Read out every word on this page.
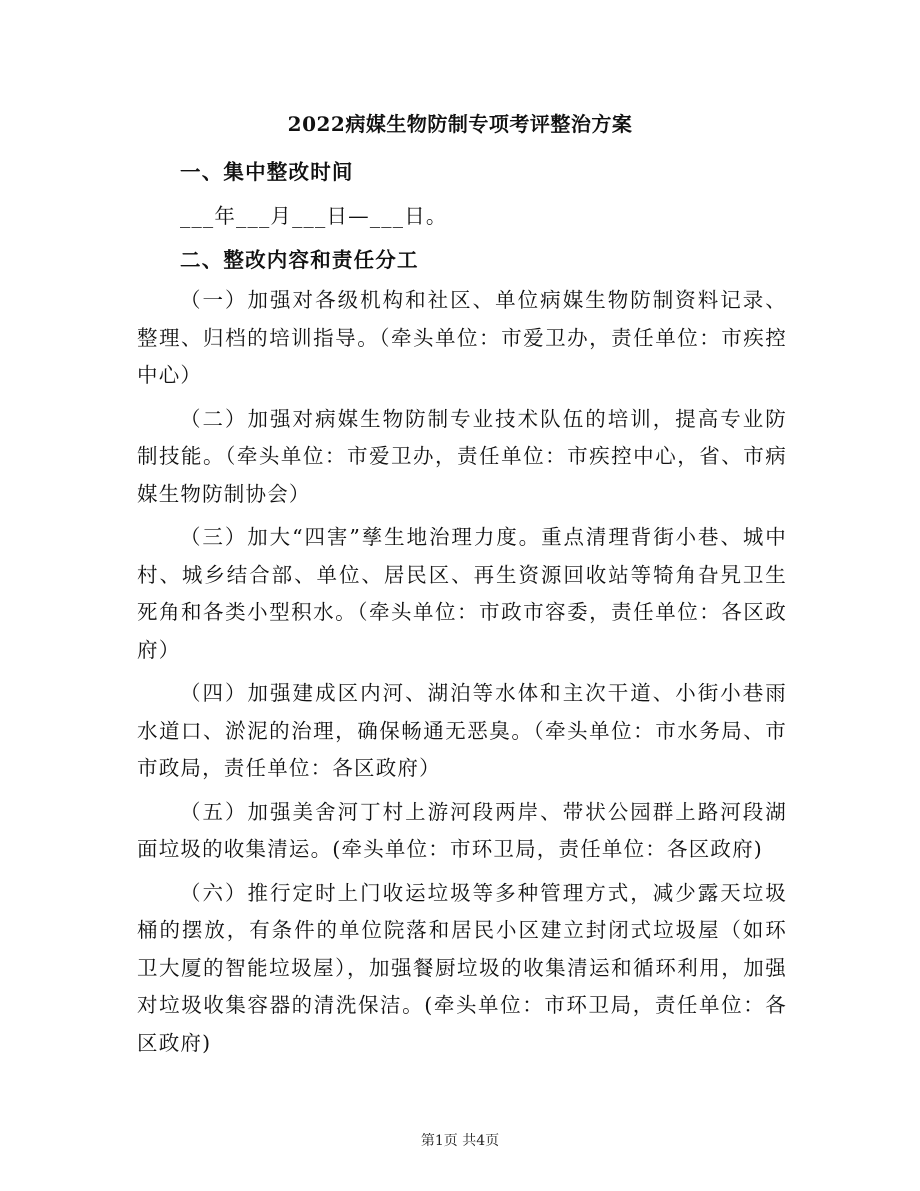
2022病媒生物防制专项考评整治方案

一、集中整改时间

___年___月___日—___日。

二、整改内容和责任分工

（一）加强对各级机构和社区、单位病媒生物防制资料记录、整理、归档的培训指导。（牵头单位：市爱卫办，责任单位：市疾控中心）

（二）加强对病媒生物防制专业技术队伍的培训，提高专业防制技能。（牵头单位：市爱卫办，责任单位：市疾控中心，省、市病媒生物防制协会）

（三）加大“四害”孳生地治理力度。重点清理背街小巷、城中村、城乡结合部、单位、居民区、再生资源回收站等犄角旮旯卫生死角和各类小型积水。（牵头单位：市政市容委，责任单位：各区政府）

（四）加强建成区内河、湖泊等水体和主次干道、小街小巷雨水道口、淤泥的治理，确保畅通无恶臭。（牵头单位：市水务局、市市政局，责任单位：各区政府）

（五）加强美舍河丁村上游河段两岸、带状公园群上路河段湖面垃圾的收集清运。(牵头单位：市环卫局，责任单位：各区政府)

（六）推行定时上门收运垃圾等多种管理方式，减少露天垃圾桶的摆放，有条件的单位院落和居民小区建立封闭式垃圾屋（如环卫大厦的智能垃圾屋），加强餐厨垃圾的收集清运和循环利用，加强对垃圾收集容器的清洗保洁。(牵头单位：市环卫局，责任单位：各区政府)

第1页 共4页
